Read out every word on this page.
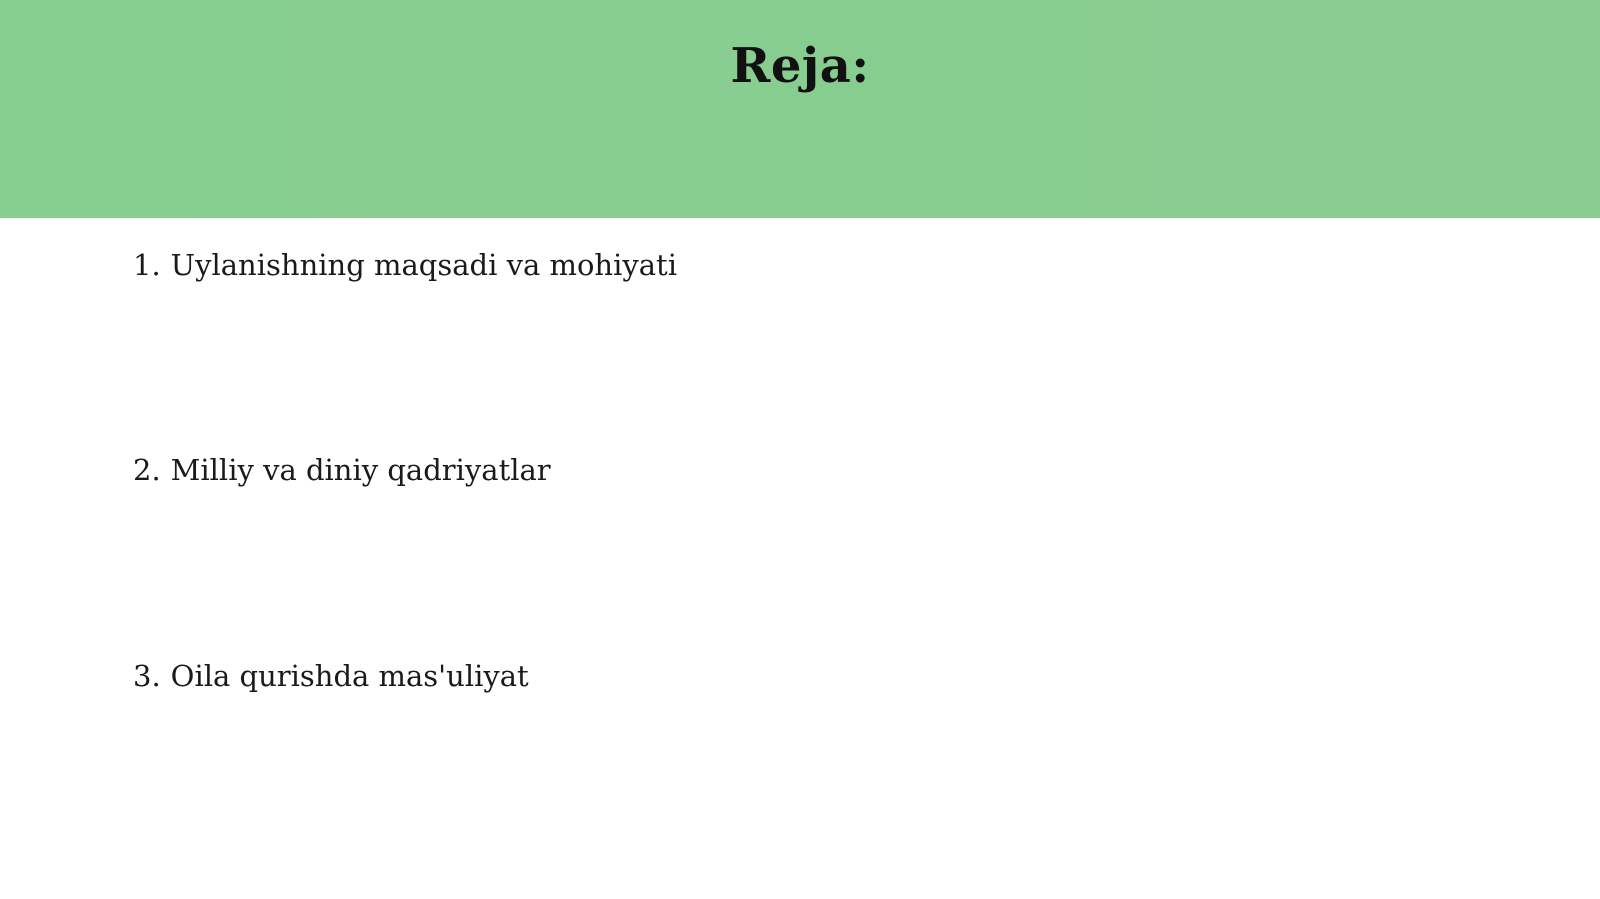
Reja:
1. Uylanishning maqsadi va mohiyati
2. Milliy va diniy qadriyatlar
3. Oila qurishda mas'uliyat
